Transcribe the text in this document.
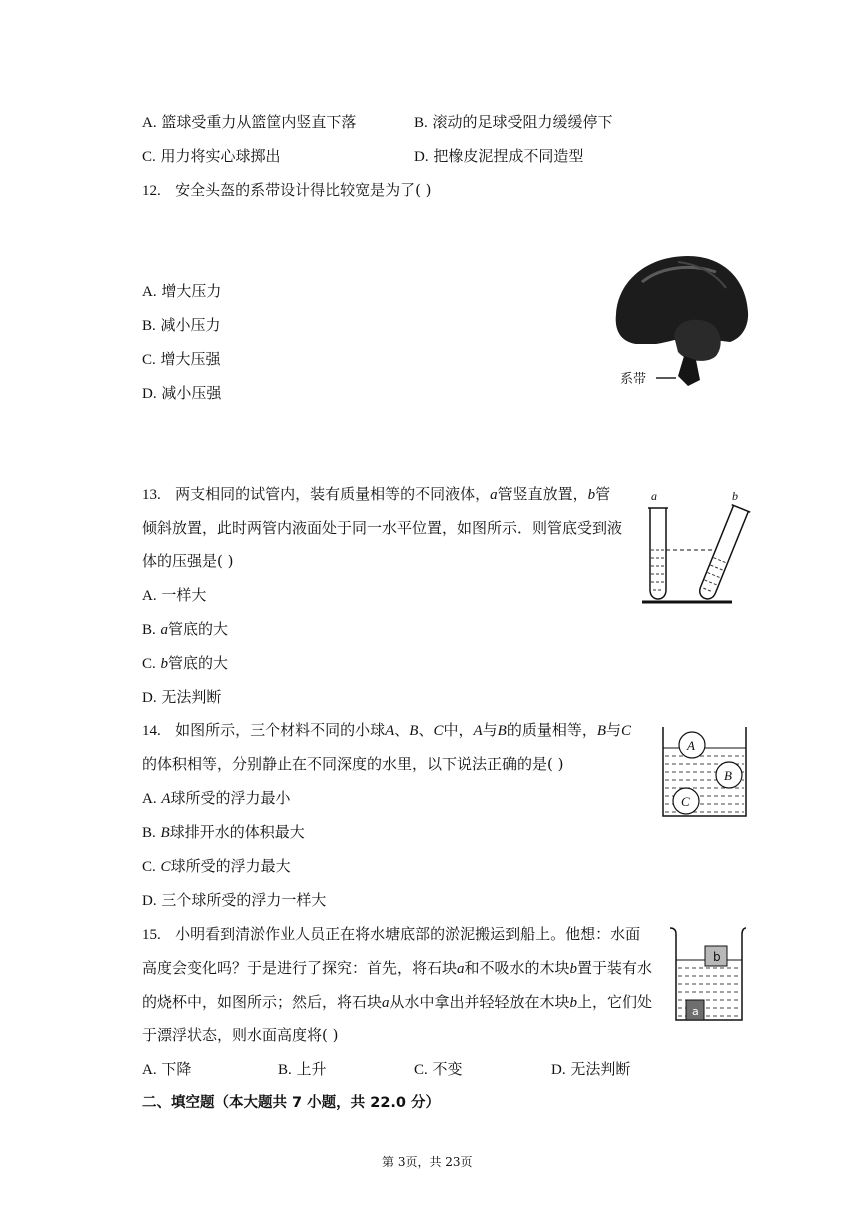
A. 篮球受重力从篮筐内竖直下落	B. 滚动的足球受阻力缓缓停下
C. 用力将实心球掷出	D. 把橡皮泥捏成不同造型
12. 安全头盔的系带设计得比较宽是为了( )
A. 增大压力
B. 减小压力
C. 增大压强
D. 减小压强
系带
13. 两支相同的试管内，装有质量相等的不同液体，a管竖直放置，b管
倾斜放置，此时两管内液面处于同一水平位置，如图所示．则管底受到液
体的压强是( )
A. 一样大
B. a管底的大
C. b管底的大
D. 无法判断
a	b
14. 如图所示，三个材料不同的小球A、B、C中，A与B的质量相等，B与C
的体积相等，分别静止在不同深度的水里，以下说法正确的是( )
A. A球所受的浮力最小
B. B球排开水的体积最大
C. C球所受的浮力最大
D. 三个球所受的浮力一样大
A
B
C
15. 小明看到清淤作业人员正在将水塘底部的淤泥搬运到船上。他想：水面
高度会变化吗？于是进行了探究：首先，将石块a和不吸水的木块b置于装有水
的烧杯中，如图所示；然后，将石块a从水中拿出并轻轻放在木块b上，它们处
于漂浮状态，则水面高度将( )
A. 下降	B. 上升	C. 不变	D. 无法判断
b
a
二、填空题（本大题共 7 小题，共 22.0 分）
第 3页，共 23页
